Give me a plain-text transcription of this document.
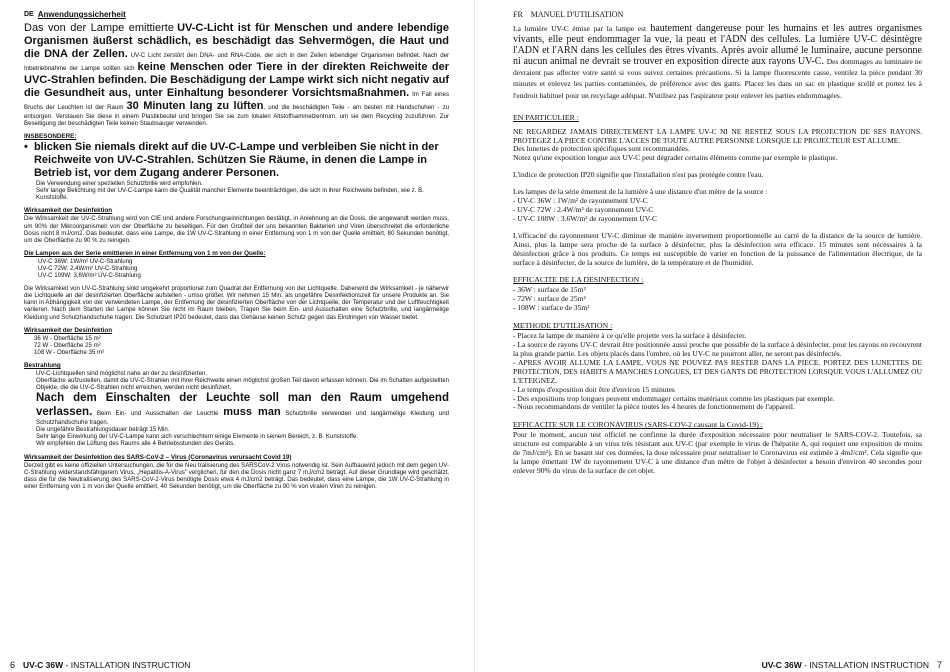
DE Anwendungssicherheit

Das von der Lampe emittierte UV-C-Licht ist für Menschen und andere lebendige Organismen äußerst schädlich, es beschädigt das Sehvermögen, die Haut und die DNA der Zellen. UV-C Licht zerstört den DNA- und RNA-Code, der sich in den Zellen lebendiger Organismen befindet. Nach der Inbetriebnahme der Lampe sollten sich keine Menschen oder Tiere in der direkten Reichweite der UVC-Strahlen befinden. Die Beschädigung der Lampe wirkt sich nicht negativ auf die Gesundheit aus, unter Einhaltung besonderer Vorsichtsmaßnahmen. Im Fall eines Bruchs der Leuchten ist der Raum 30 Minuten lang zu lüften, und die beschädigten Teile - am besten mit Handschuhen - zu entsorgen. Verstauen Sie diese in einem Plastikbeutel und bringen Sie sie zum lokalen Altstoffsammelzentrum, um sie dem Recycling zuzuführen. Zur Beseitigung der beschädigten Teile keinen Staubsauger verwenden.

INSBESONDERE:
• blicken Sie niemals direkt auf die UV-C-Lampe und verbleiben Sie nicht in der Reichweite von UV-C-Strahlen. Schützen Sie Räume, in denen die Lampe in Betrieb ist, vor dem Zugang anderer Personen.
Die Verwendung einer speziellen Schutzbrille wird empfohlen.
Sehr lange Belichtung mit der UV-C-Lampe kann die Qualität mancher Elemente beeinträchtigen, die sich in ihrer Reichweite befinden, wie z. B. Kunststoffe.
Wirksamkeit der Desinfektion

Die Wirksamkeit der UV-C-Strahlung wird von CIE und andere Forschungseinrichtungen bestätigt, in Anlehnung an die Dosis, die angewandt werden muss, um 90% der Mikroorganismen von der Oberfläche zu beseitigen. Für den Großteil der uns bekannten Bakterien und Viren überschreitet die erforderliche Dosis nicht 8 mJ/cm2. Das bedeutet, dass eine Lampe, die 1W UV-C-Strahlung in einer Entfernung von 1 m von der Quelle emittiert, 80 Sekunden benötigt, um die Oberfläche zu 90 % zu reinigen.

Die Lampen aus der Serie emittieren in einer Entfernung von 1 m von der Quelle:
UV-C 36W: 1W/m² UV-C-Strahlung
UV-C 72W: 2,4W/m² UV-C-Strahlung
UV-C 109W: 3,6W/m² UV-C-Strahlung

Die Wirksamkeit von UV-C-Strahlung sinkt umgekehrt proportional zum Quadrat der Entfernung von der Lichtquelle. Daherwird die Wirksamkeit - je näherwir die Lichtquelle an der desinfizierten Oberfläche aufstellen - umso größer. Wir nehmen 15 Min. als ungefähre Desinfektionszeit für unsere Produkte an. Sie kann in Abhängigkeit von der verwendeten Lampe, der Entfernung der desinfizierten Oberfläche von der Lichtquelle, der Temperatur und der Luftfeuchtigkeit variieren. Nach dem Starten der Lampe können Sie nicht im Raum bleiben. Tragen Sie beim Ein- und Ausschalten eine Schutzbrille, und langärmelige Kleidung und Schutzhandschuhe tragen. Die Schutzart IP20 bedeutet, dass das Gehäuse keinen Schutz gegen das Eindringen von Wasser bietet.

Wirksamkeit der Desinfektion
36 W - Oberfläche 15 m²
72 W - Oberfläche 25 m²
108 W - Oberfläche 35 m²
Bestrahlung
UV-C-Lichtquellen sind möglichst nahe an der zu desinfizierten.
Oberfläche aufzustellen, damit die UV-C-Strahlen mit ihrer Reichweite einen möglichst großen Teil davon erfassen können. Die im Schatten aufgestellten Objekte, die die UV-C-Strahlen nicht erreichen, werden nicht desinfiziert.
Nach dem Einschalten der Leuchte soll man den Raum umgehend verlassen. Beim Ein- und Ausschalten der Leuchte muss man Schutzbrille verwenden und langärmelige Kleidung und Schutzhandschuhe tragen.
Die ungefähre Bestrahlungsdauer beträgt 15 Min.
Sehr lange Einwirkung der UV-C-Lampe kann sich verschlechtern einige Elemente in seinem Bereich, z. B. Kunststoffe.
Wir empfehlen die Lüftung des Raums alle 4 Betriebsstunden des Geräts.
Wirksamkeit der Desinfektion des SARS-CoV-2 – Virus (Coronavirus verursacht Covid 19)

Derzeit gibt es keine offiziellen Untersuchungen, die für die Neu tralisierung des SARSCoV-2 Virus notwendig ist. Sein Aufbauwird jedoch mit dem gegen UV-C-Strahlung widerstandsfähigerem Virus, „Hepatitis-A-Virus" verglichen, für den die Dosis nicht ganz 7 mJ/cm2 beträgt. Auf dieser Grundlage wird geschätzt, dass die für die Neutralisierung des SARS-CoV-2-Virus benötigte Dosis etwa 4 mJ/cm2 beträgt. Das bedeutet, dass eine Lampe, die 1W UV-C-Strahlung in einer Entfernung von 1 m von der Quelle emittiert, 40 Sekunden benötigt, um die Oberfläche zu 90 % von viralen Viren zu reinigen.

FR MANUEL D'UTILISATION

La lumière UV-C émise par la lampe est hautement dangereuse pour les humains et les autres organismes vivants, elle peut endommager la vue, la peau et l'ADN des cellules. La lumière UV-C désintègre l'ADN et l'ARN dans les cellules des êtres vivants. Après avoir allumé le luminaire, aucune personne ni aucun animal ne devrait se trouver en exposition directe aux rayons UV-C. Des dommages au luminaire ne devraient pas affecter votre santé si vous suivez certaines précautions. Si la lampe fluorescente casse, ventilez la pièce pendant 30 minutes et enlevez les parties contaminées, de préférence avec des gants. Placez les dans un sac en plastique scellé et portez les à l'endroit habituel pour un recyclage adéquat. N'utilisez pas l'aspirateur pour enlever les parties endommagées.

EN PARTICULIER :

NE REGARDEZ JAMAIS DIRECTEMENT LA LAMPE UV-C NI NE RESTEZ SOUS LA PROJECTION DE SES RAYONS. PROTEGEZ LA PIECE CONTRE L'ACCES DE TOUTE AUTRE PERSONNE LORSQUE LE PROJECTEUR EST ALLUME.

Des lunettes de protection spécifiques sont recommandées.

Notez qu'une exposition longue aux UV-C peut dégrader certains éléments comme par exemple le plastique.

L'indice de protection IP20 signifie que l'installation n'est pas protégée contre l'eau.

Les lampes de la série émettent de la lumière à une distance d'un mètre de la source :

- UV-C 36W : 1W/m² de rayonnement UV-C
- UV-C 72W : 2.4W/m² de rayonnement UV-C
- UV-C 108W : 3.6W/m² de rayonnement UV-C

L'efficacité du rayonnement UV-C diminue de manière inversement proportionnelle au carré de la distance de la source de lumière. Ainsi, plus la lampe sera proche de la surface à désinfecter, plus la désinfection sera efficace. 15 minutes sont nécessaires à la désinfection grâce à nos produits. Ce temps est susceptible de varier en fonction de la puissance de l'alimentation électrique, de la surface à désinfecter, de la source de lumière, de la température et de l'humidité.

EFFICACITE DE LA DESINFECTION :
- 36W : surface de 15m²
- 72W : surface de 25m²
- 108W : surface de 35m²
METHODE D'UTILISATION :

- Placez la lampe de manière à ce qu'elle projette vers la surface à désinfecter.

- La source de rayons UV-C devrait être positionnée aussi proche que possible de la surface à désinfecter, pour les rayons en recouvrent la plus grande partie. Les objets placés dans l'ombre, où les UV-C ne pourront aller, ne seront pas désinfectés.

- APRES AVOIR ALLUME LA LAMPE, VOUS NE POUVEZ PAS RESTER DANS LA PIECE. PORTEZ DES LUNETTES DE PROTECTION, DES HABITS A MANCHES LONGUES, ET DES GANTS DE PROTECTION LORSQUE VOUS L'ALLUMEZ OU L'ETEIGNEZ.

- Le temps d'exposition doit être d'environ 15 minutes

- Des expositions trop longues peuvent endommager certains matériaux comme les plastiques par exemple.

- Nous recommandons de ventiler la pièce toutes les 4 heures de fonctionnement de l'appareil.

EFFICACITE SUR LE CORONAVIRUS (SARS-COV-2 causant la Covid-19) :

Pour le moment, aucun test officiel ne confirme la durée d'exposition nécessaire pour neutraliser le SARS-COV-2. Toutefois, sa structure est comparable à un virus très résistant aux UV-C (par exemple le virus de l'hépatite A, qui requiert une exposition de moins de 7mJ/cm²). En se basant sur ces données, la dose nécessaire pour neutraliser le Coronavirus est estimée à 4mJ/cm². Cela signifie que la lampe émettant 1W de rayonnement UV-C à une distance d'un mètre de l'objet à désinfecter a besoin d'environ 40 secondes pour enlever 90% du virus de la surface de cet objet.

6 UV-C 36W - INSTALLATION INSTRUCTION	UV-C 36W - INSTALLATION INSTRUCTION 7
